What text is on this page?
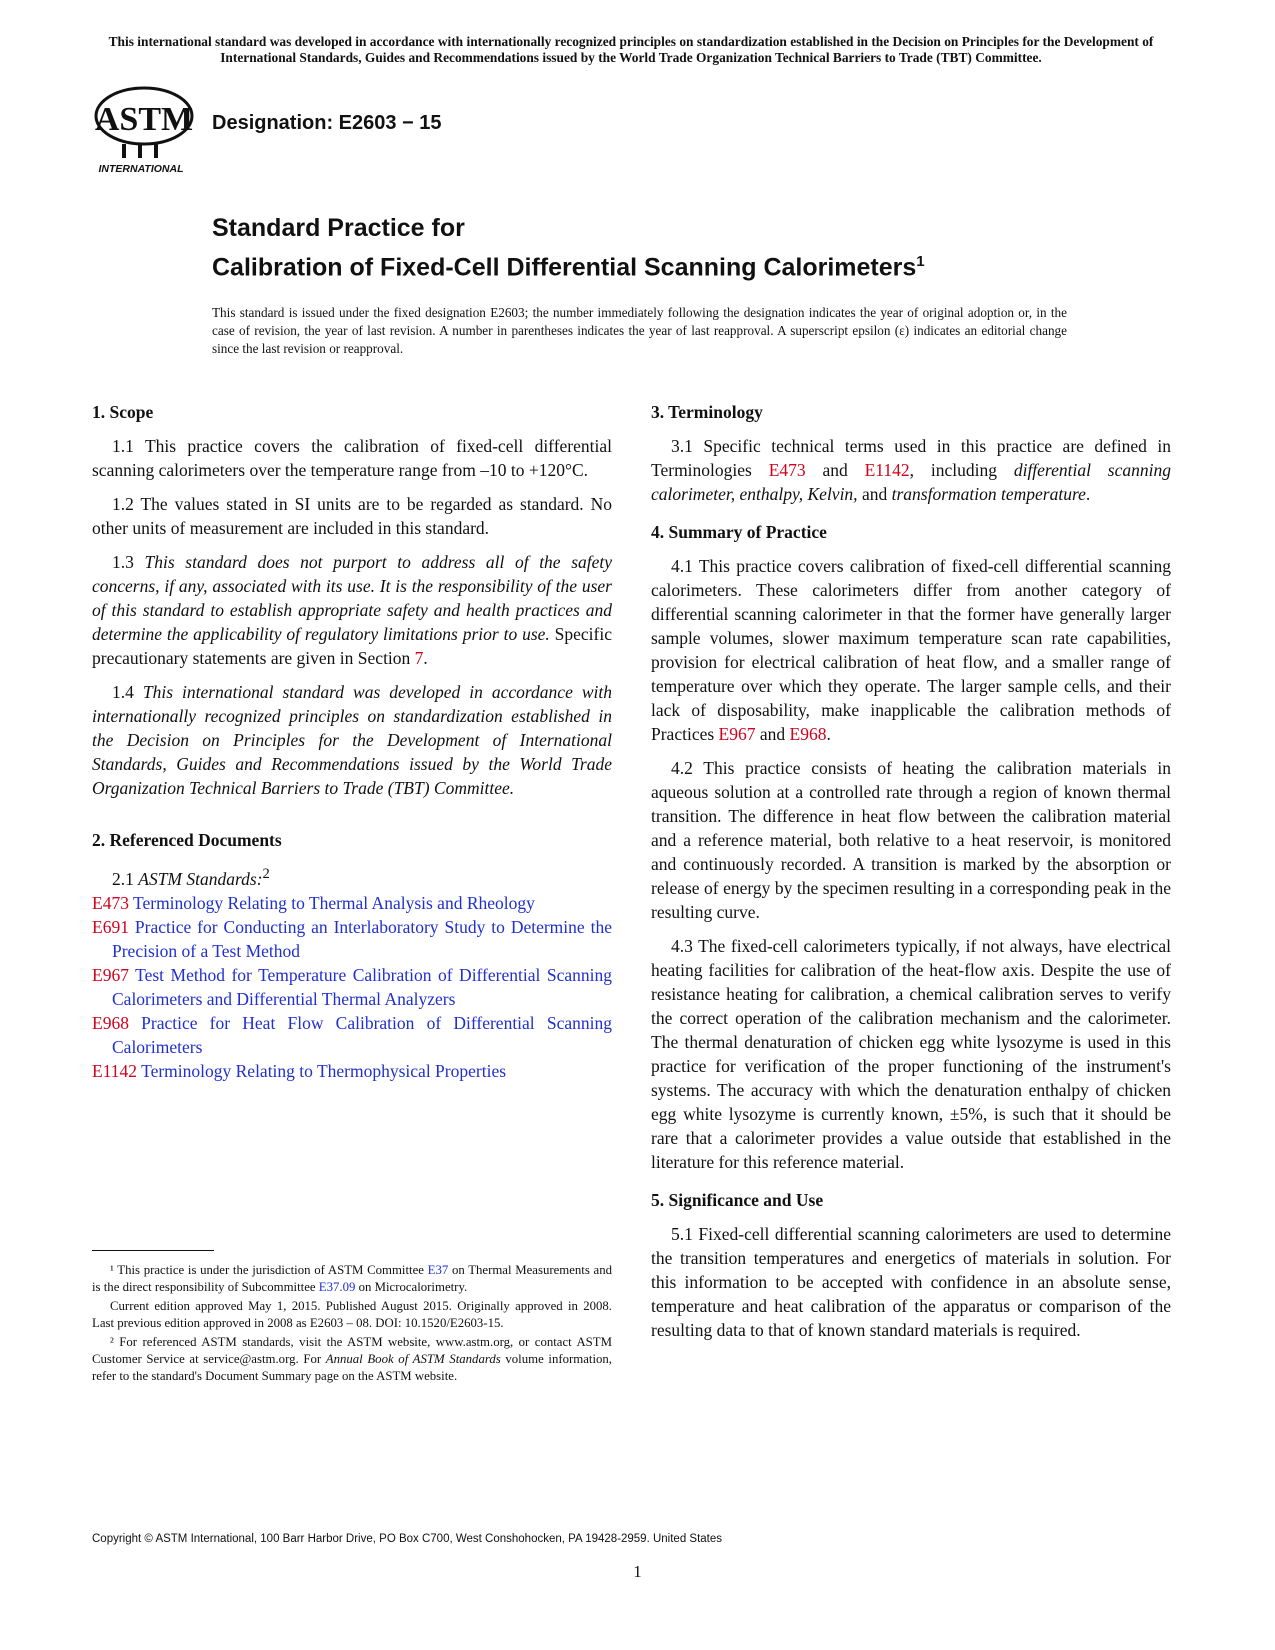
This international standard was developed in accordance with internationally recognized principles on standardization established in the Decision on Principles for the Development of International Standards, Guides and Recommendations issued by the World Trade Organization Technical Barriers to Trade (TBT) Committee.
ASTM
INTERNATIONAL
Designation: E2603 − 15
Standard Practice for
Calibration of Fixed-Cell Differential Scanning Calorimeters$^1$
This standard is issued under the fixed designation E2603; the number immediately following the designation indicates the year of original adoption or, in the case of revision, the year of last revision. A number in parentheses indicates the year of last reapproval. A superscript epsilon (ε) indicates an editorial change since the last revision or reapproval.
1. Scope

1.1 This practice covers the calibration of fixed-cell differential scanning calorimeters over the temperature range from –10 to +120°C.

1.2 The values stated in SI units are to be regarded as standard. No other units of measurement are included in this standard.

1.3 This standard does not purport to address all of the safety concerns, if any, associated with its use. It is the responsibility of the user of this standard to establish appropriate safety and health practices and determine the applicability of regulatory limitations prior to use. Specific precautionary statements are given in Section 7.

1.4 This international standard was developed in accordance with internationally recognized principles on standardization established in the Decision on Principles for the Development of International Standards, Guides and Recommendations issued by the World Trade Organization Technical Barriers to Trade (TBT) Committee.

2. Referenced Documents

2.1 ASTM Standards:$^2$

E473 Terminology Relating to Thermal Analysis and Rheology

E691 Practice for Conducting an Interlaboratory Study to Determine the Precision of a Test Method

E967 Test Method for Temperature Calibration of Differential Scanning Calorimeters and Differential Thermal Analyzers

E968 Practice for Heat Flow Calibration of Differential Scanning Calorimeters

E1142 Terminology Relating to Thermophysical Properties

¹ This practice is under the jurisdiction of ASTM Committee E37 on Thermal Measurements and is the direct responsibility of Subcommittee E37.09 on Microcalorimetry.

Current edition approved May 1, 2015. Published August 2015. Originally approved in 2008. Last previous edition approved in 2008 as E2603 – 08. DOI: 10.1520/E2603-15.

² For referenced ASTM standards, visit the ASTM website, www.astm.org, or contact ASTM Customer Service at service@astm.org. For Annual Book of ASTM Standards volume information, refer to the standard's Document Summary page on the ASTM website.

3. Terminology

3.1 Specific technical terms used in this practice are defined in Terminologies E473 and E1142, including differential scanning calorimeter, enthalpy, Kelvin, and transformation temperature.

4. Summary of Practice

4.1 This practice covers calibration of fixed-cell differential scanning calorimeters. These calorimeters differ from another category of differential scanning calorimeter in that the former have generally larger sample volumes, slower maximum temperature scan rate capabilities, provision for electrical calibration of heat flow, and a smaller range of temperature over which they operate. The larger sample cells, and their lack of disposability, make inapplicable the calibration methods of Practices E967 and E968.

4.2 This practice consists of heating the calibration materials in aqueous solution at a controlled rate through a region of known thermal transition. The difference in heat flow between the calibration material and a reference material, both relative to a heat reservoir, is monitored and continuously recorded. A transition is marked by the absorption or release of energy by the specimen resulting in a corresponding peak in the resulting curve.

4.3 The fixed-cell calorimeters typically, if not always, have electrical heating facilities for calibration of the heat-flow axis. Despite the use of resistance heating for calibration, a chemical calibration serves to verify the correct operation of the calibration mechanism and the calorimeter. The thermal denaturation of chicken egg white lysozyme is used in this practice for verification of the proper functioning of the instrument's systems. The accuracy with which the denaturation enthalpy of chicken egg white lysozyme is currently known, ±5%, is such that it should be rare that a calorimeter provides a value outside that established in the literature for this reference material.

5. Significance and Use

5.1 Fixed-cell differential scanning calorimeters are used to determine the transition temperatures and energetics of materials in solution. For this information to be accepted with confidence in an absolute sense, temperature and heat calibration of the apparatus or comparison of the resulting data to that of known standard materials is required.

Copyright © ASTM International, 100 Barr Harbor Drive, PO Box C700, West Conshohocken, PA 19428-2959. United States
1
